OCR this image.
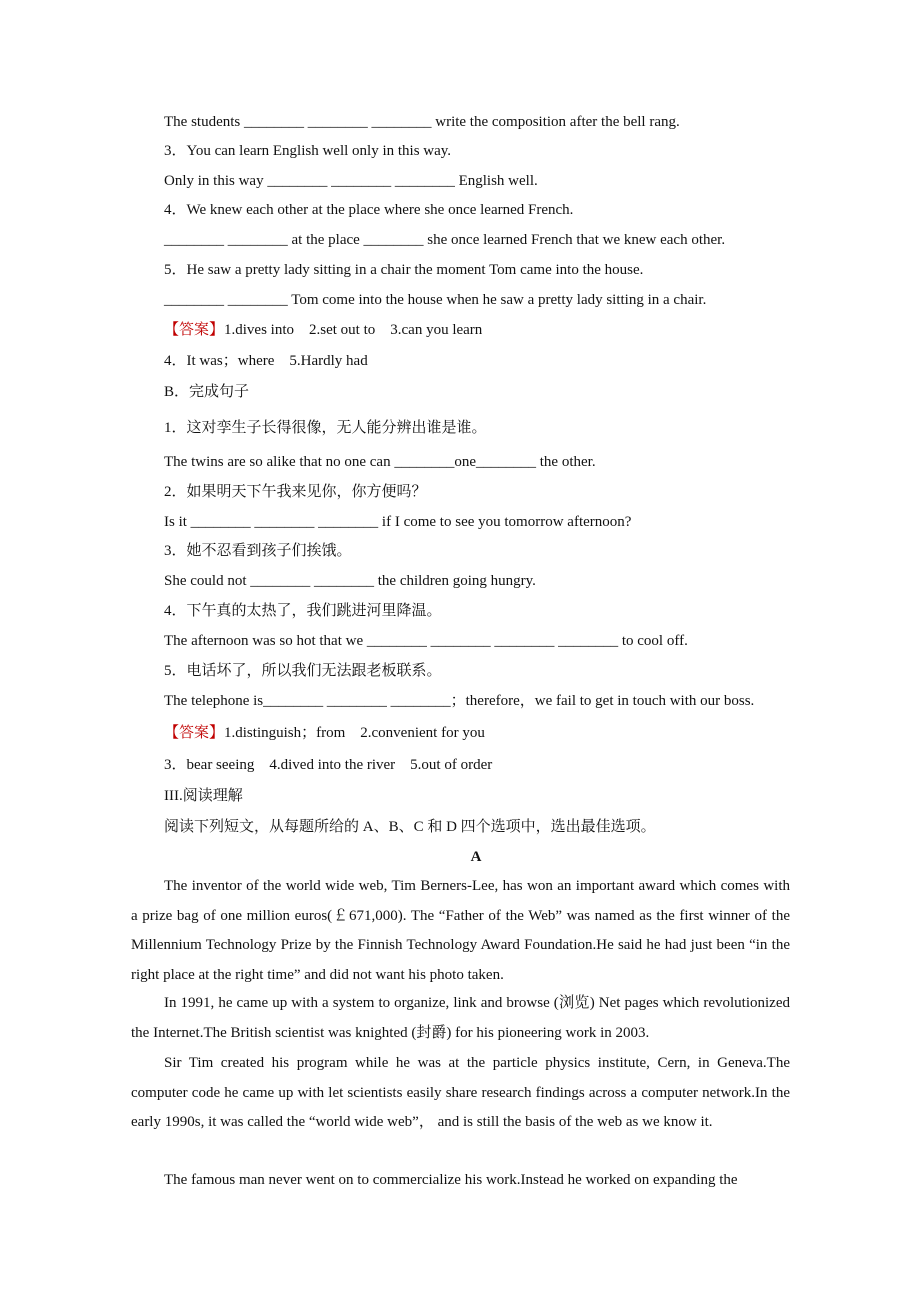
The students ________ ________ ________ write the composition after the bell rang.
3．You can learn English well only in this way.
Only in this way ________ ________ ________ English well.
4．We knew each other at the place where she once learned French.
________ ________ at the place ________ she once learned French that we knew each other.
5．He saw a pretty lady sitting in a chair the moment Tom came into the house.
________ ________ Tom come into the house when he saw a pretty lady sitting in a chair.
【答案】1.dives into    2.set out to    3.can you learn
4．It was；where    5.Hardly had
B．完成句子
1．这对孪生子长得很像，无人能分辨出谁是谁。
The twins are so alike that no one can ________one________ the other.
2．如果明天下午我来见你，你方便吗？
Is it ________ ________ ________ if I come to see you tomorrow afternoon?
3．她不忍看到孩子们挨饿。
She could not ________ ________ the children going hungry.
4．下午真的太热了，我们跳进河里降温。
The afternoon was so hot that we ________ ________ ________ ________ to cool off.
5．电话坏了，所以我们无法跟老板联系。
The telephone is________ ________ ________；therefore，we fail to get in touch with our boss.
【答案】1.distinguish；from    2.convenient for you
3．bear seeing    4.dived into the river    5.out of order
III.阅读理解
阅读下列短文，从每题所给的 A、B、C 和 D 四个选项中，选出最佳选项。
A

The inventor of the world wide web, Tim Berners-Lee, has won an important award which comes with a prize bag of one million euros(￡671,000). The “Father of the Web” was named as the first winner of the Millennium Technology Prize by the Finnish Technology Award Foundation.He said he had just been “in the right place at the right time” and did not want his photo taken.

In 1991, he came up with a system to organize, link and browse (浏览) Net pages which revolutionized the Internet.The British scientist was knighted (封爵) for his pioneering work in 2003.

Sir Tim created his program while he was at the particle physics institute, Cern, in Geneva.The computer code he came up with let scientists easily share research findings across a computer network.In the early 1990s, it was called the “world wide web”， and is still the basis of the web as we know it.

The famous man never went on to commercialize his work.Instead he worked on expanding the
